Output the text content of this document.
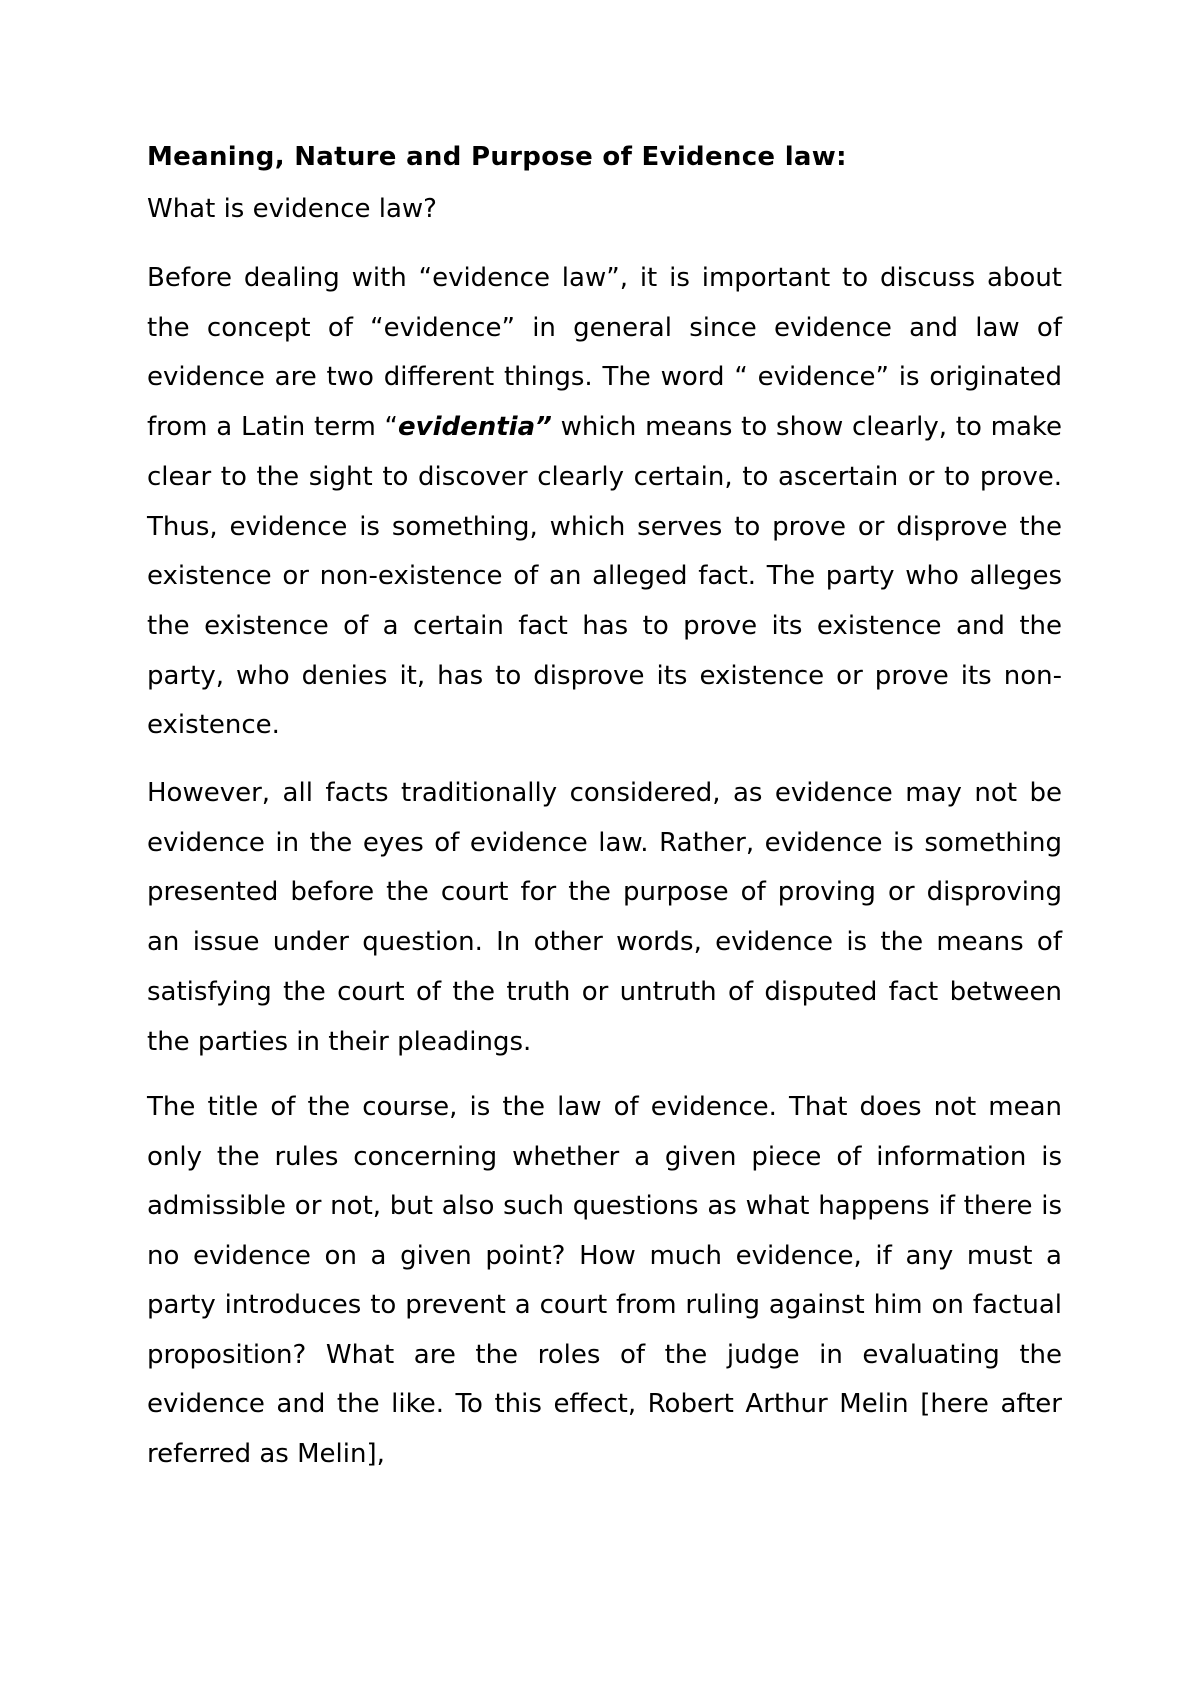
Meaning, Nature and Purpose of Evidence law:
What is evidence law?
Before dealing with “evidence law”, it is important to discuss about the concept of “evidence” in general since evidence and law of evidence are two different things. The word “ evidence” is originated from a Latin term “evidentia” which means to show clearly, to make clear to the sight to discover clearly certain, to ascertain or to prove. Thus, evidence is something, which serves to prove or disprove the existence or non-existence of an alleged fact. The party who alleges the existence of a certain fact has to prove its existence and the party, who denies it, has to disprove its existence or prove its non-existence.
However, all facts traditionally considered, as evidence may not be evidence in the eyes of evidence law. Rather, evidence is something presented before the court for the purpose of proving or disproving an issue under question. In other words, evidence is the means of satisfying the court of the truth or untruth of disputed fact between the parties in their pleadings.
The title of the course, is the law of evidence. That does not mean only the rules concerning whether a given piece of information is admissible or not, but also such questions as what happens if there is no evidence on a given point? How much evidence, if any must a party introduces to prevent a court from ruling against him on factual proposition? What are the roles of the judge in evaluating the evidence and the like. To this effect, Robert Arthur Melin [here after referred as Melin],
